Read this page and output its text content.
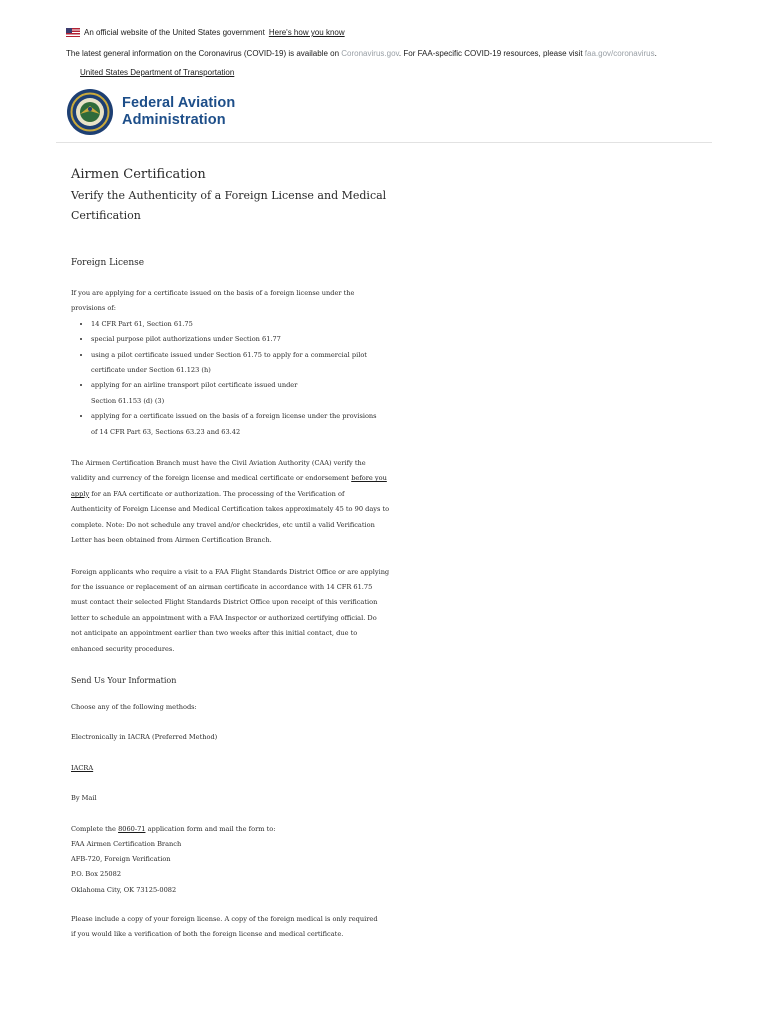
An official website of the United States government Here's how you know
The latest general information on the Coronavirus (COVID-19) is available on Coronavirus.gov. For FAA-specific COVID-19 resources, please visit faa.gov/coronavirus.
United States Department of Transportation
Federal Aviation
Administration
Airmen Certification
Verify the Authenticity of a Foreign License and Medical
Certification
Foreign License

If you are applying for a certificate issued on the basis of a foreign license under the
provisions of:

• 14 CFR Part 61, Section 61.75
• special purpose pilot authorizations under Section 61.77
• using a pilot certificate issued under Section 61.75 to apply for a commercial pilot
certificate under Section 61.123 (h)
• applying for an airline transport pilot certificate issued under
Section 61.153 (d) (3)
• applying for a certificate issued on the basis of a foreign license under the provisions
of 14 CFR Part 63, Sections 63.23 and 63.42

The Airmen Certification Branch must have the Civil Aviation Authority (CAA) verify the
validity and currency of the foreign license and medical certificate or endorsement before you
apply for an FAA certificate or authorization. The processing of the Verification of
Authenticity of Foreign License and Medical Certification takes approximately 45 to 90 days to
complete. Note: Do not schedule any travel and/or checkrides, etc until a valid Verification
Letter has been obtained from Airmen Certification Branch.

Foreign applicants who require a visit to a FAA Flight Standards District Office or are applying
for the issuance or replacement of an airman certificate in accordance with 14 CFR 61.75
must contact their selected Flight Standards District Office upon receipt of this verification
letter to schedule an appointment with a FAA Inspector or authorized certifying official. Do
not anticipate an appointment earlier than two weeks after this initial contact, due to
enhanced security procedures.

Send Us Your Information

Choose any of the following methods:

Electronically in IACRA (Preferred Method)

IACRA

By Mail

Complete the 8060-71 application form and mail the form to:

FAA Airmen Certification Branch

AFB-720, Foreign Verification

P.O. Box 25082

Oklahoma City, OK 73125-0082

Please include a copy of your foreign license. A copy of the foreign medical is only required
if you would like a verification of both the foreign license and medical certificate.
